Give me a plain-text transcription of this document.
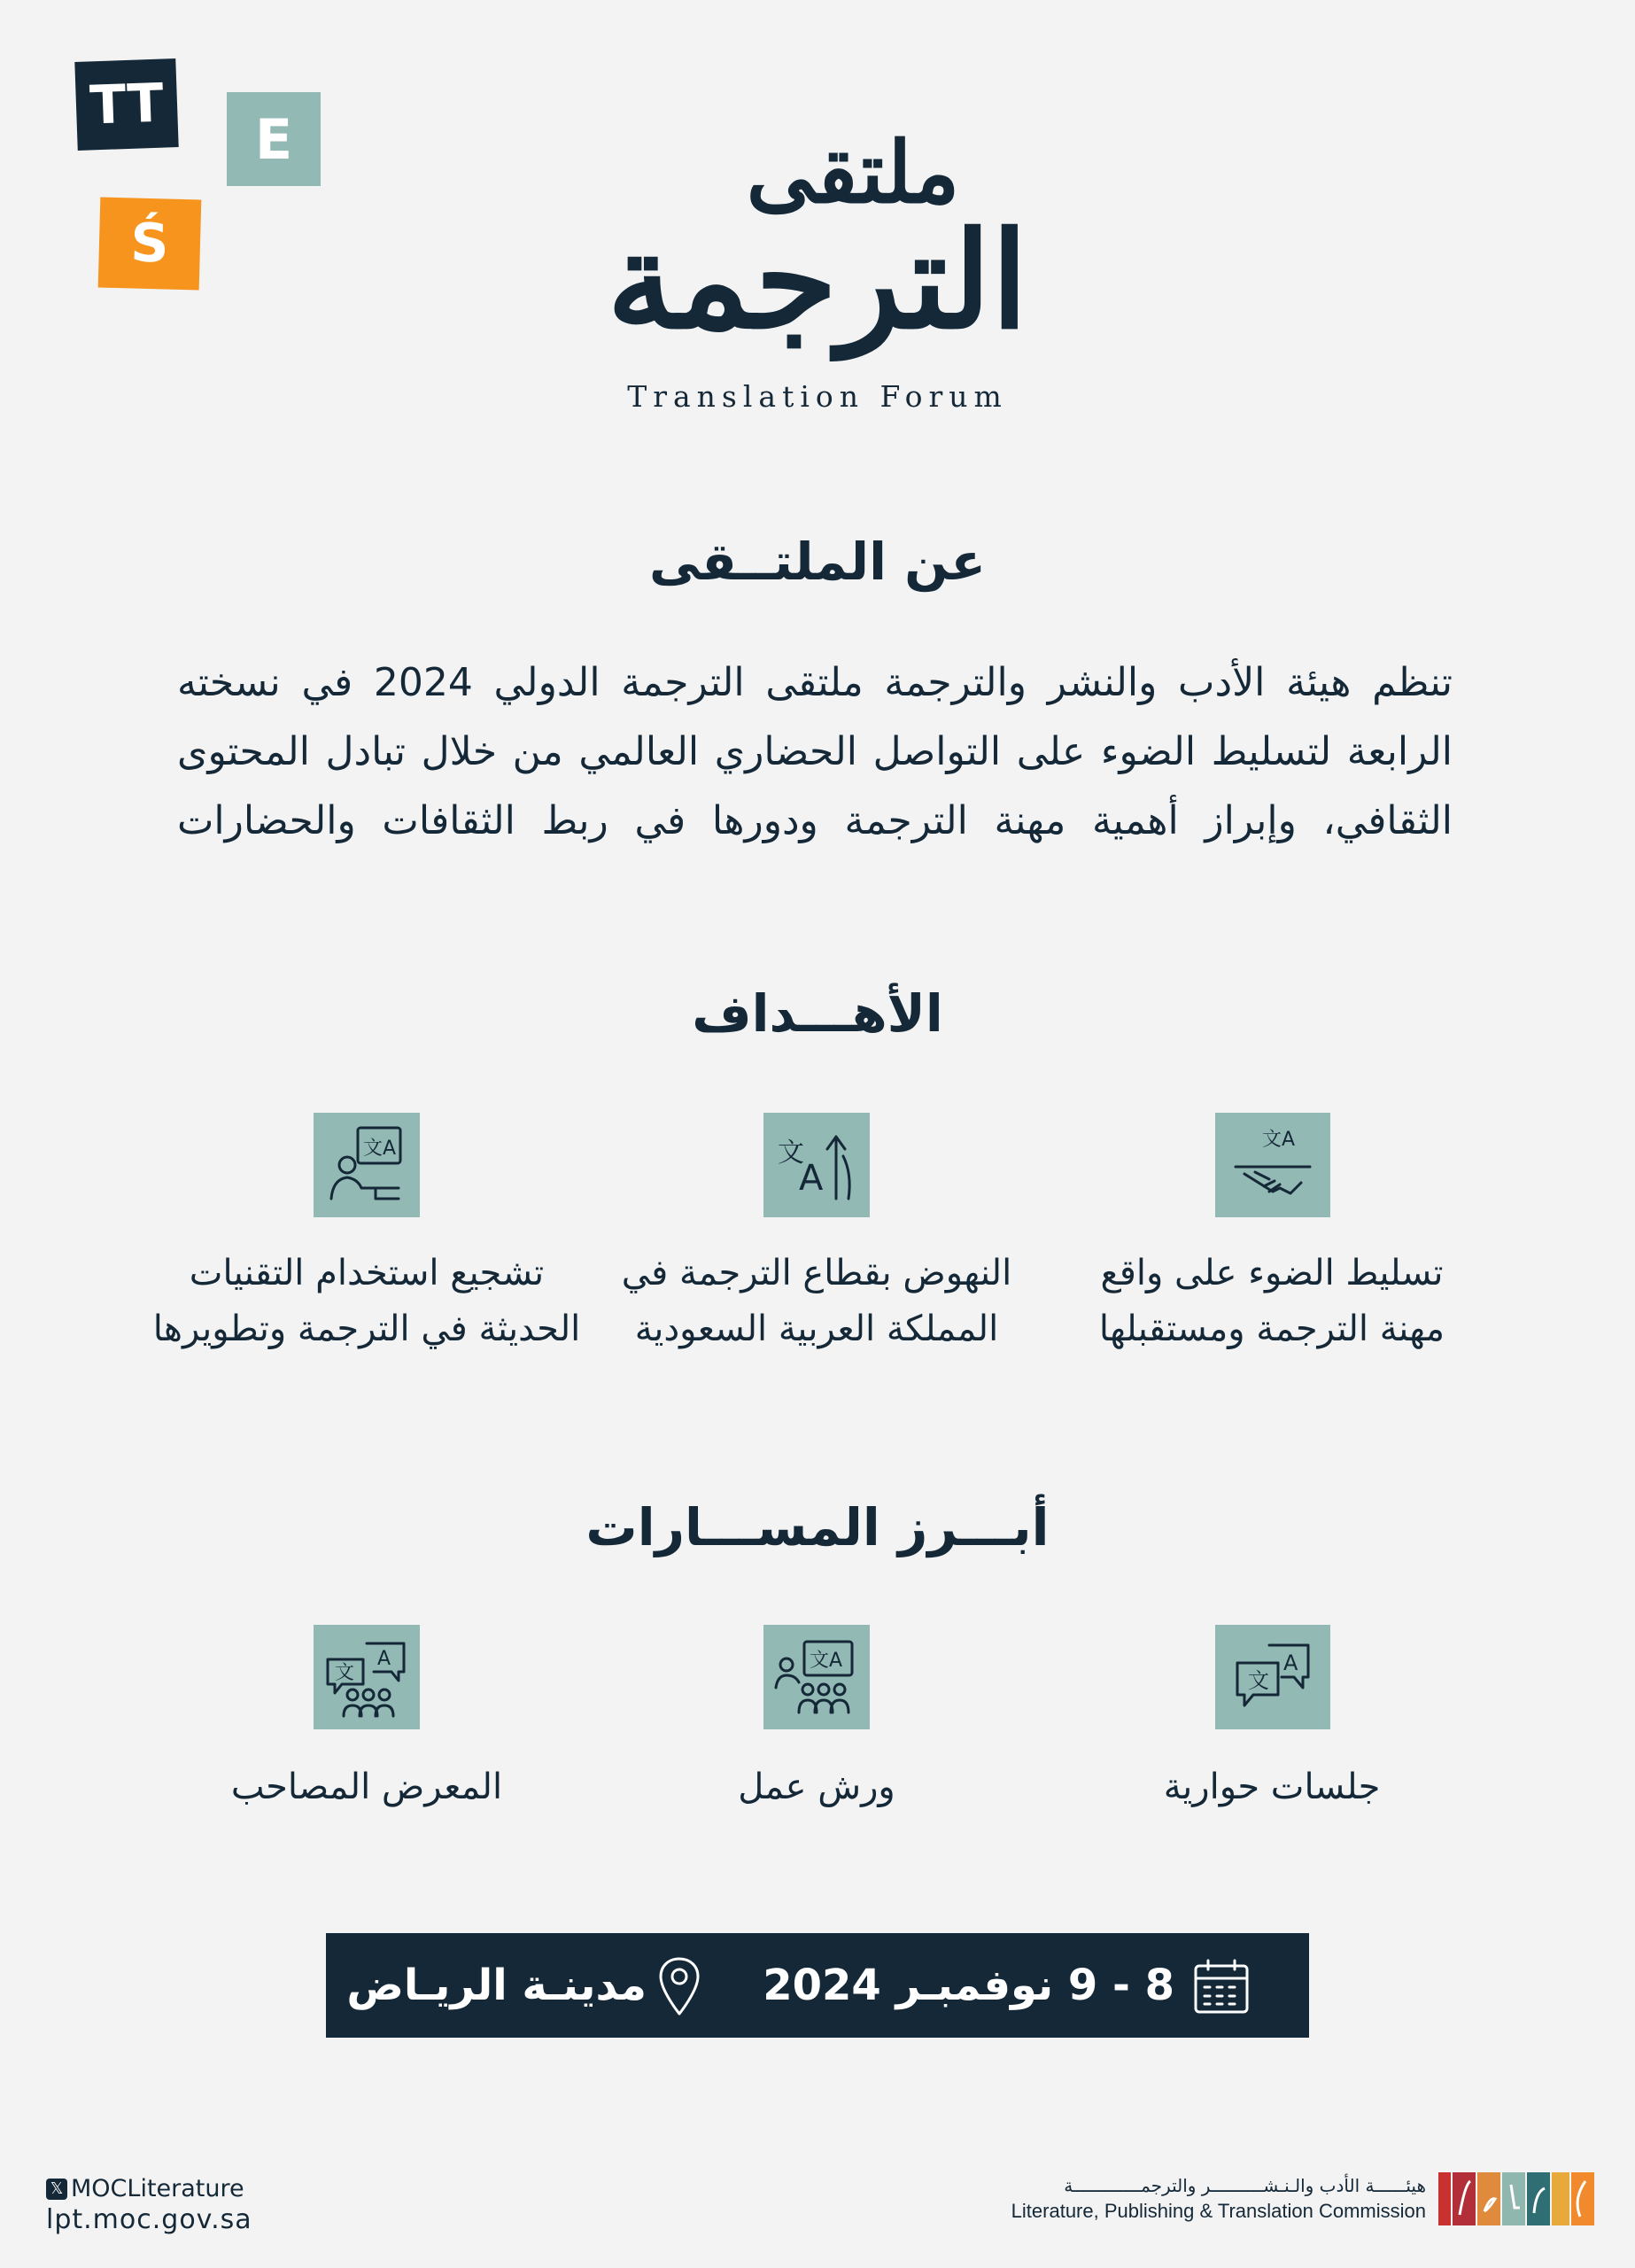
TT
E
Ś
ملتقى
الترجمة
Translation Forum
عن الملتــقى
تنظم هيئة الأدب والنشر والترجمة ملتقى الترجمة الدولي 2024 في نسخته
الرابعة لتسليط الضوء على التواصل الحضاري العالمي من خلال تبادل المحتوى
الثقافي، وإبراز أهمية مهنة الترجمة ودورها في ربط الثقافات والحضارات
الأهـــداف
文A
文
A
文A
تسليط الضوء على واقع
مهنة الترجمة ومستقبلها
النهوض بقطاع الترجمة في
المملكة العربية السعودية
تشجيع استخدام التقنيات
الحديثة في الترجمة وتطويرها
أبـــرز المســـارات
文
A
文A
文
A
جلسات حوارية
ورش عمل
المعرض المصاحب
8 - 9 نوفمبـر 2024
مدينـة الريـاض
𝕏 MOCLiterature
lpt.moc.gov.sa
هيئــــــة الأدب والـنـشــــــــــر والترجمـــــــــــــة
Literature, Publishing & Translation Commission
